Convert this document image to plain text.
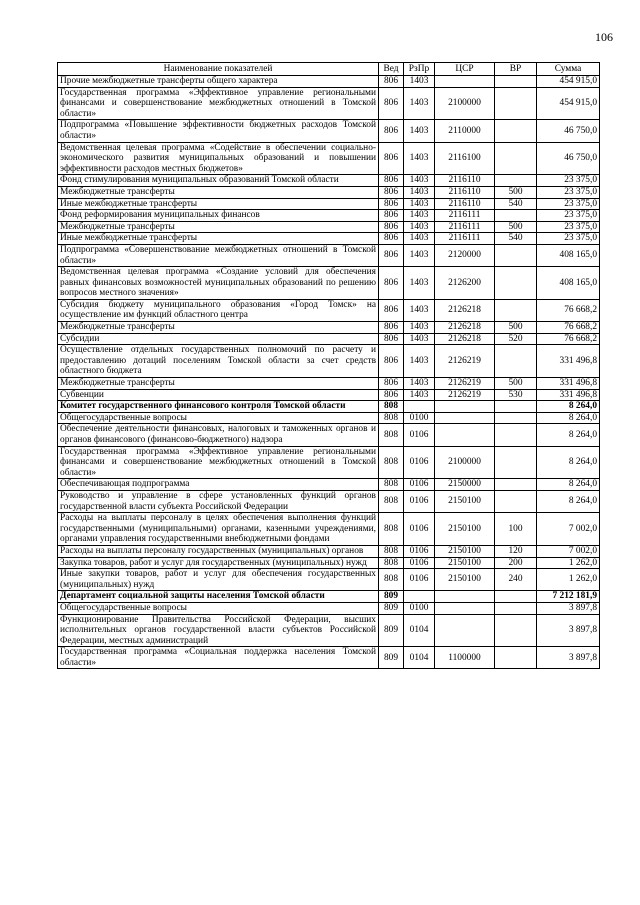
106
Наименование показателей	Вед	РзПр	ЦСР	ВР	Сумма
Прочие межбюджетные трансферты общего характера	806	1403			454 915,0
Государственная программа «Эффективное управление региональными финансами и совершенствование межбюджетных отношений в Томской области»	806	1403	2100000		454 915,0
Подпрограмма «Повышение эффективности бюджетных расходов Томской области»	806	1403	2110000		46 750,0
Ведомственная целевая программа «Содействие в обеспечении социально-экономического развития муниципальных образований и повышении эффективности расходов местных бюджетов»	806	1403	2116100		46 750,0
Фонд стимулирования муниципальных образований Томской области	806	1403	2116110		23 375,0
Межбюджетные трансферты	806	1403	2116110	500	23 375,0
Иные межбюджетные трансферты	806	1403	2116110	540	23 375,0
Фонд реформирования муниципальных финансов	806	1403	2116111		23 375,0
Межбюджетные трансферты	806	1403	2116111	500	23 375,0
Иные межбюджетные трансферты	806	1403	2116111	540	23 375,0
Подпрограмма «Совершенствование межбюджетных отношений в Томской области»	806	1403	2120000		408 165,0
Ведомственная целевая программа «Создание условий для обеспечения равных финансовых возможностей муниципальных образований по решению вопросов местного значения»	806	1403	2126200		408 165,0
Субсидия бюджету муниципального образования «Город Томск» на осуществление им функций областного центра	806	1403	2126218		76 668,2
Межбюджетные трансферты	806	1403	2126218	500	76 668,2
Субсидии	806	1403	2126218	520	76 668,2
Осуществление отдельных государственных полномочий по расчету и предоставлению дотаций поселениям Томской области за счет средств областного бюджета	806	1403	2126219		331 496,8
Межбюджетные трансферты	806	1403	2126219	500	331 496,8
Субвенции	806	1403	2126219	530	331 496,8
Комитет государственного финансового контроля Томской области	808				8 264,0
Общегосударственные вопросы	808	0100			8 264,0
Обеспечение деятельности финансовых, налоговых и таможенных органов и органов финансового (финансово-бюджетного) надзора	808	0106			8 264,0
Государственная программа «Эффективное управление региональными финансами и совершенствование межбюджетных отношений в Томской области»	808	0106	2100000		8 264,0
Обеспечивающая подпрограмма	808	0106	2150000		8 264,0
Руководство и управление в сфере установленных функций органов государственной власти субъекта Российской Федерации	808	0106	2150100		8 264,0
Расходы на выплаты персоналу в целях обеспечения выполнения функций государственными (муниципальными) органами, казенными учреждениями, органами управления государственными внебюджетными фондами	808	0106	2150100	100	7 002,0
Расходы на выплаты персоналу государственных (муниципальных) органов	808	0106	2150100	120	7 002,0
Закупка товаров, работ и услуг для государственных (муниципальных) нужд	808	0106	2150100	200	1 262,0
Иные закупки товаров, работ и услуг для обеспечения государственных (муниципальных) нужд	808	0106	2150100	240	1 262,0
Департамент социальной защиты населения Томской области	809				7 212 181,9
Общегосударственные вопросы	809	0100			3 897,8
Функционирование Правительства Российской Федерации, высших исполнительных органов государственной власти субъектов Российской Федерации, местных администраций	809	0104			3 897,8
Государственная программа «Социальная поддержка населения Томской области»	809	0104	1100000		3 897,8
